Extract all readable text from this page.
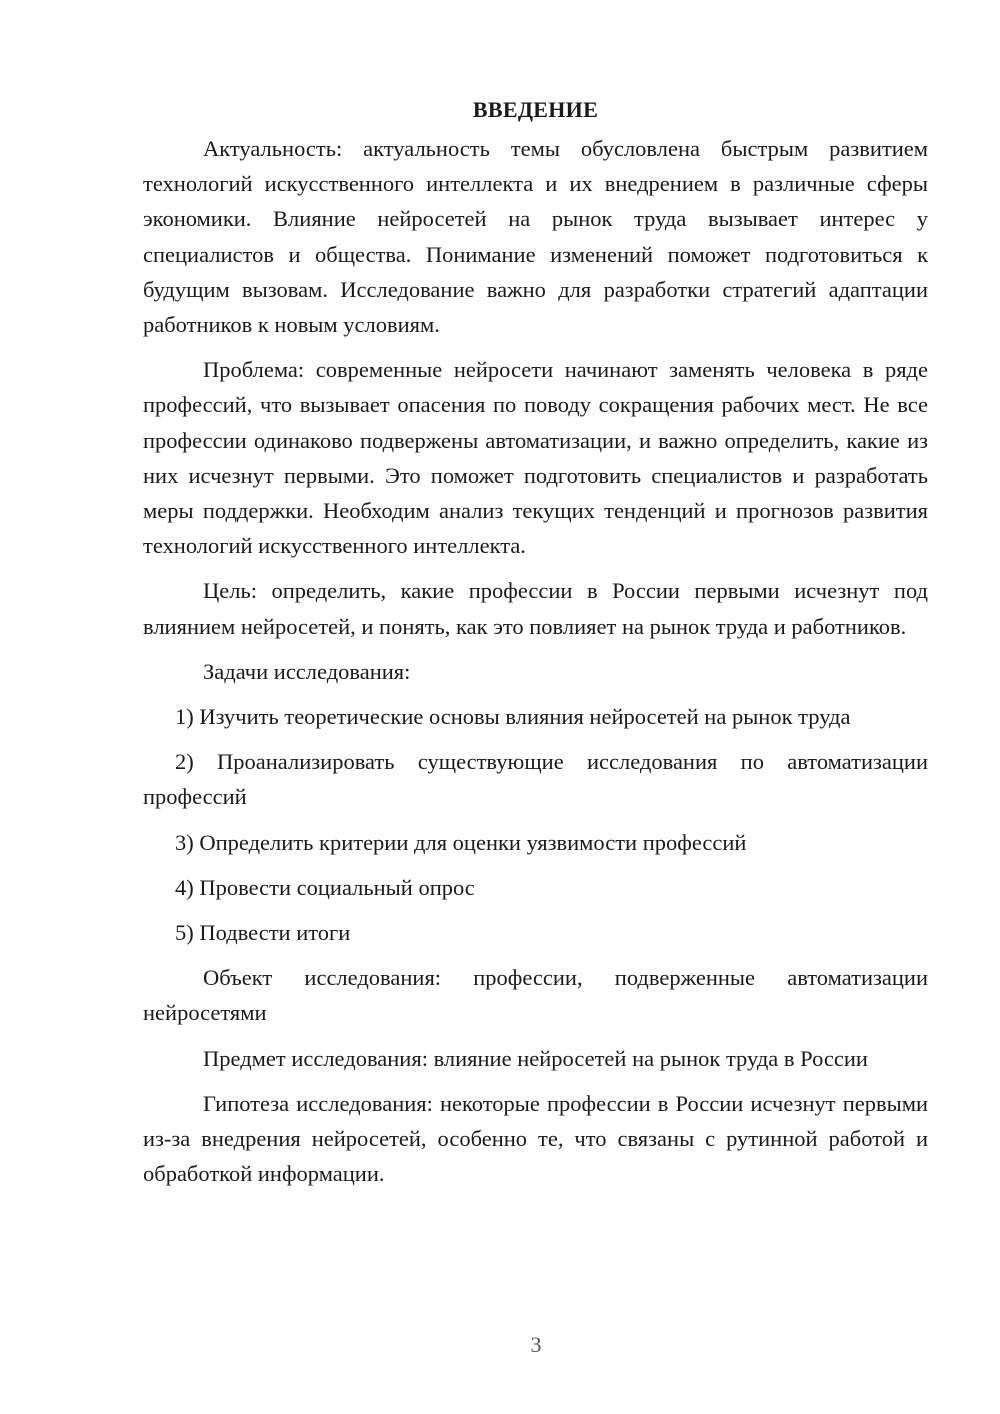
ВВЕДЕНИЕ

Актуальность: актуальность темы обусловлена быстрым развитием технологий искусственного интеллекта и их внедрением в различные сферы экономики. Влияние нейросетей на рынок труда вызывает интерес у специалистов и общества. Понимание изменений поможет подготовиться к будущим вызовам. Исследование важно для разработки стратегий адаптации работников к новым условиям.

Проблема: современные нейросети начинают заменять человека в ряде профессий, что вызывает опасения по поводу сокращения рабочих мест. Не все профессии одинаково подвержены автоматизации, и важно определить, какие из них исчезнут первыми. Это поможет подготовить специалистов и разработать меры поддержки. Необходим анализ текущих тенденций и прогнозов развития технологий искусственного интеллекта.

Цель: определить, какие профессии в России первыми исчезнут под влиянием нейросетей, и понять, как это повлияет на рынок труда и работников.

Задачи исследования:

1) Изучить теоретические основы влияния нейросетей на рынок труда

2) Проанализировать существующие исследования по автоматизации профессий

3) Определить критерии для оценки уязвимости профессий

4) Провести социальный опрос

5) Подвести итоги

Объект исследования: профессии, подверженные автоматизации нейросетями

Предмет исследования: влияние нейросетей на рынок труда в России

Гипотеза исследования: некоторые профессии в России исчезнут первыми из-за внедрения нейросетей, особенно те, что связаны с рутинной работой и обработкой информации.

3
